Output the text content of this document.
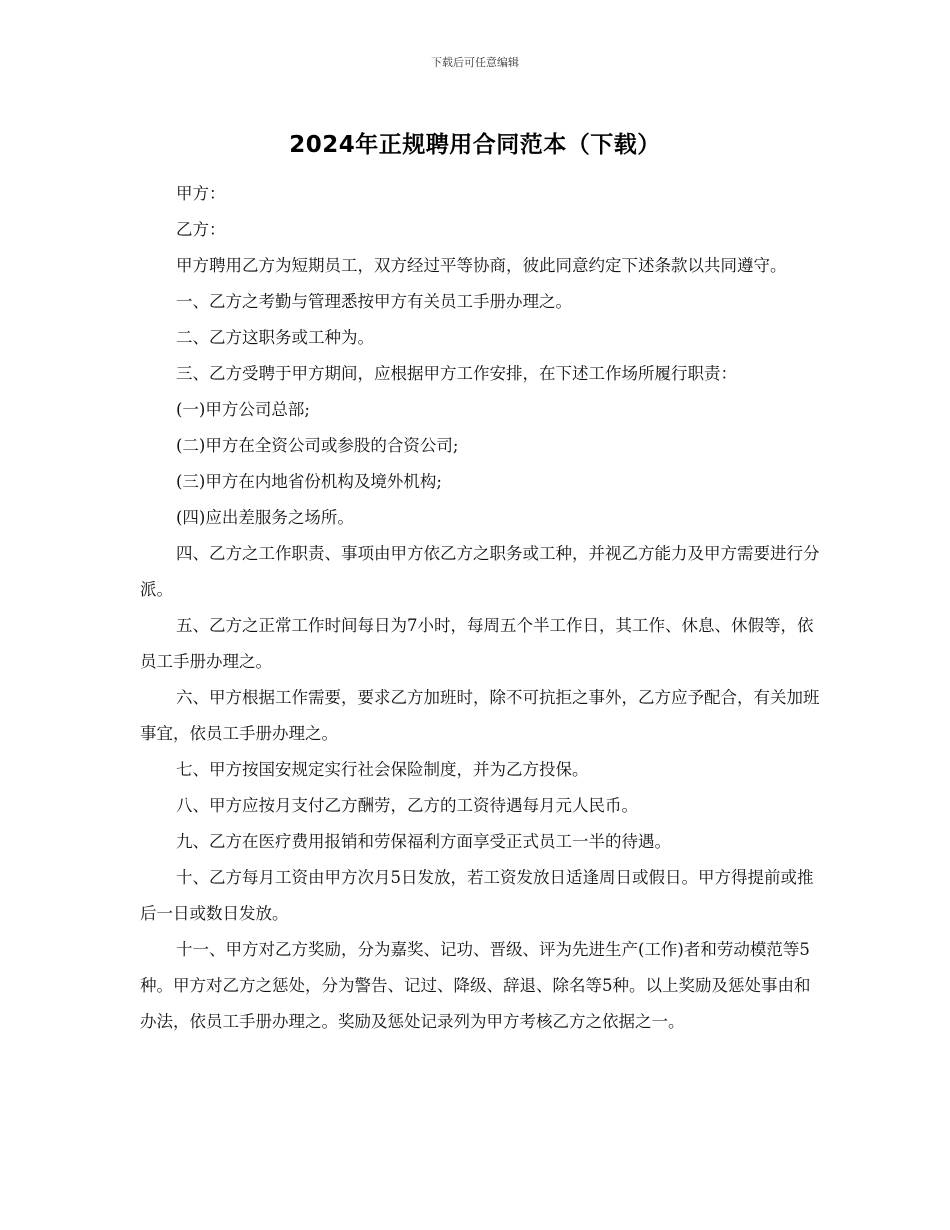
下载后可任意编辑
2024年正规聘用合同范本（下载）

甲方：

乙方：

甲方聘用乙方为短期员工，双方经过平等协商，彼此同意约定下述条款以共同遵守。

一、乙方之考勤与管理悉按甲方有关员工手册办理之。

二、乙方这职务或工种为。

三、乙方受聘于甲方期间，应根据甲方工作安排，在下述工作场所履行职责：

(一)甲方公司总部;

(二)甲方在全资公司或参股的合资公司;

(三)甲方在内地省份机构及境外机构;

(四)应出差服务之场所。

四、乙方之工作职责、事项由甲方依乙方之职务或工种，并视乙方能力及甲方需要进行分派。

五、乙方之正常工作时间每日为7小时，每周五个半工作日，其工作、休息、休假等，依员工手册办理之。

六、甲方根据工作需要，要求乙方加班时，除不可抗拒之事外，乙方应予配合，有关加班事宜，依员工手册办理之。

七、甲方按国安规定实行社会保险制度，并为乙方投保。

八、甲方应按月支付乙方酬劳，乙方的工资待遇每月元人民币。

九、乙方在医疗费用报销和劳保福利方面享受正式员工一半的待遇。

十、乙方每月工资由甲方次月5日发放，若工资发放日适逢周日或假日。甲方得提前或推后一日或数日发放。

十一、甲方对乙方奖励，分为嘉奖、记功、晋级、评为先进生产(工作)者和劳动模范等5种。甲方对乙方之惩处，分为警告、记过、降级、辞退、除名等5种。以上奖励及惩处事由和办法，依员工手册办理之。奖励及惩处记录列为甲方考核乙方之依据之一。
